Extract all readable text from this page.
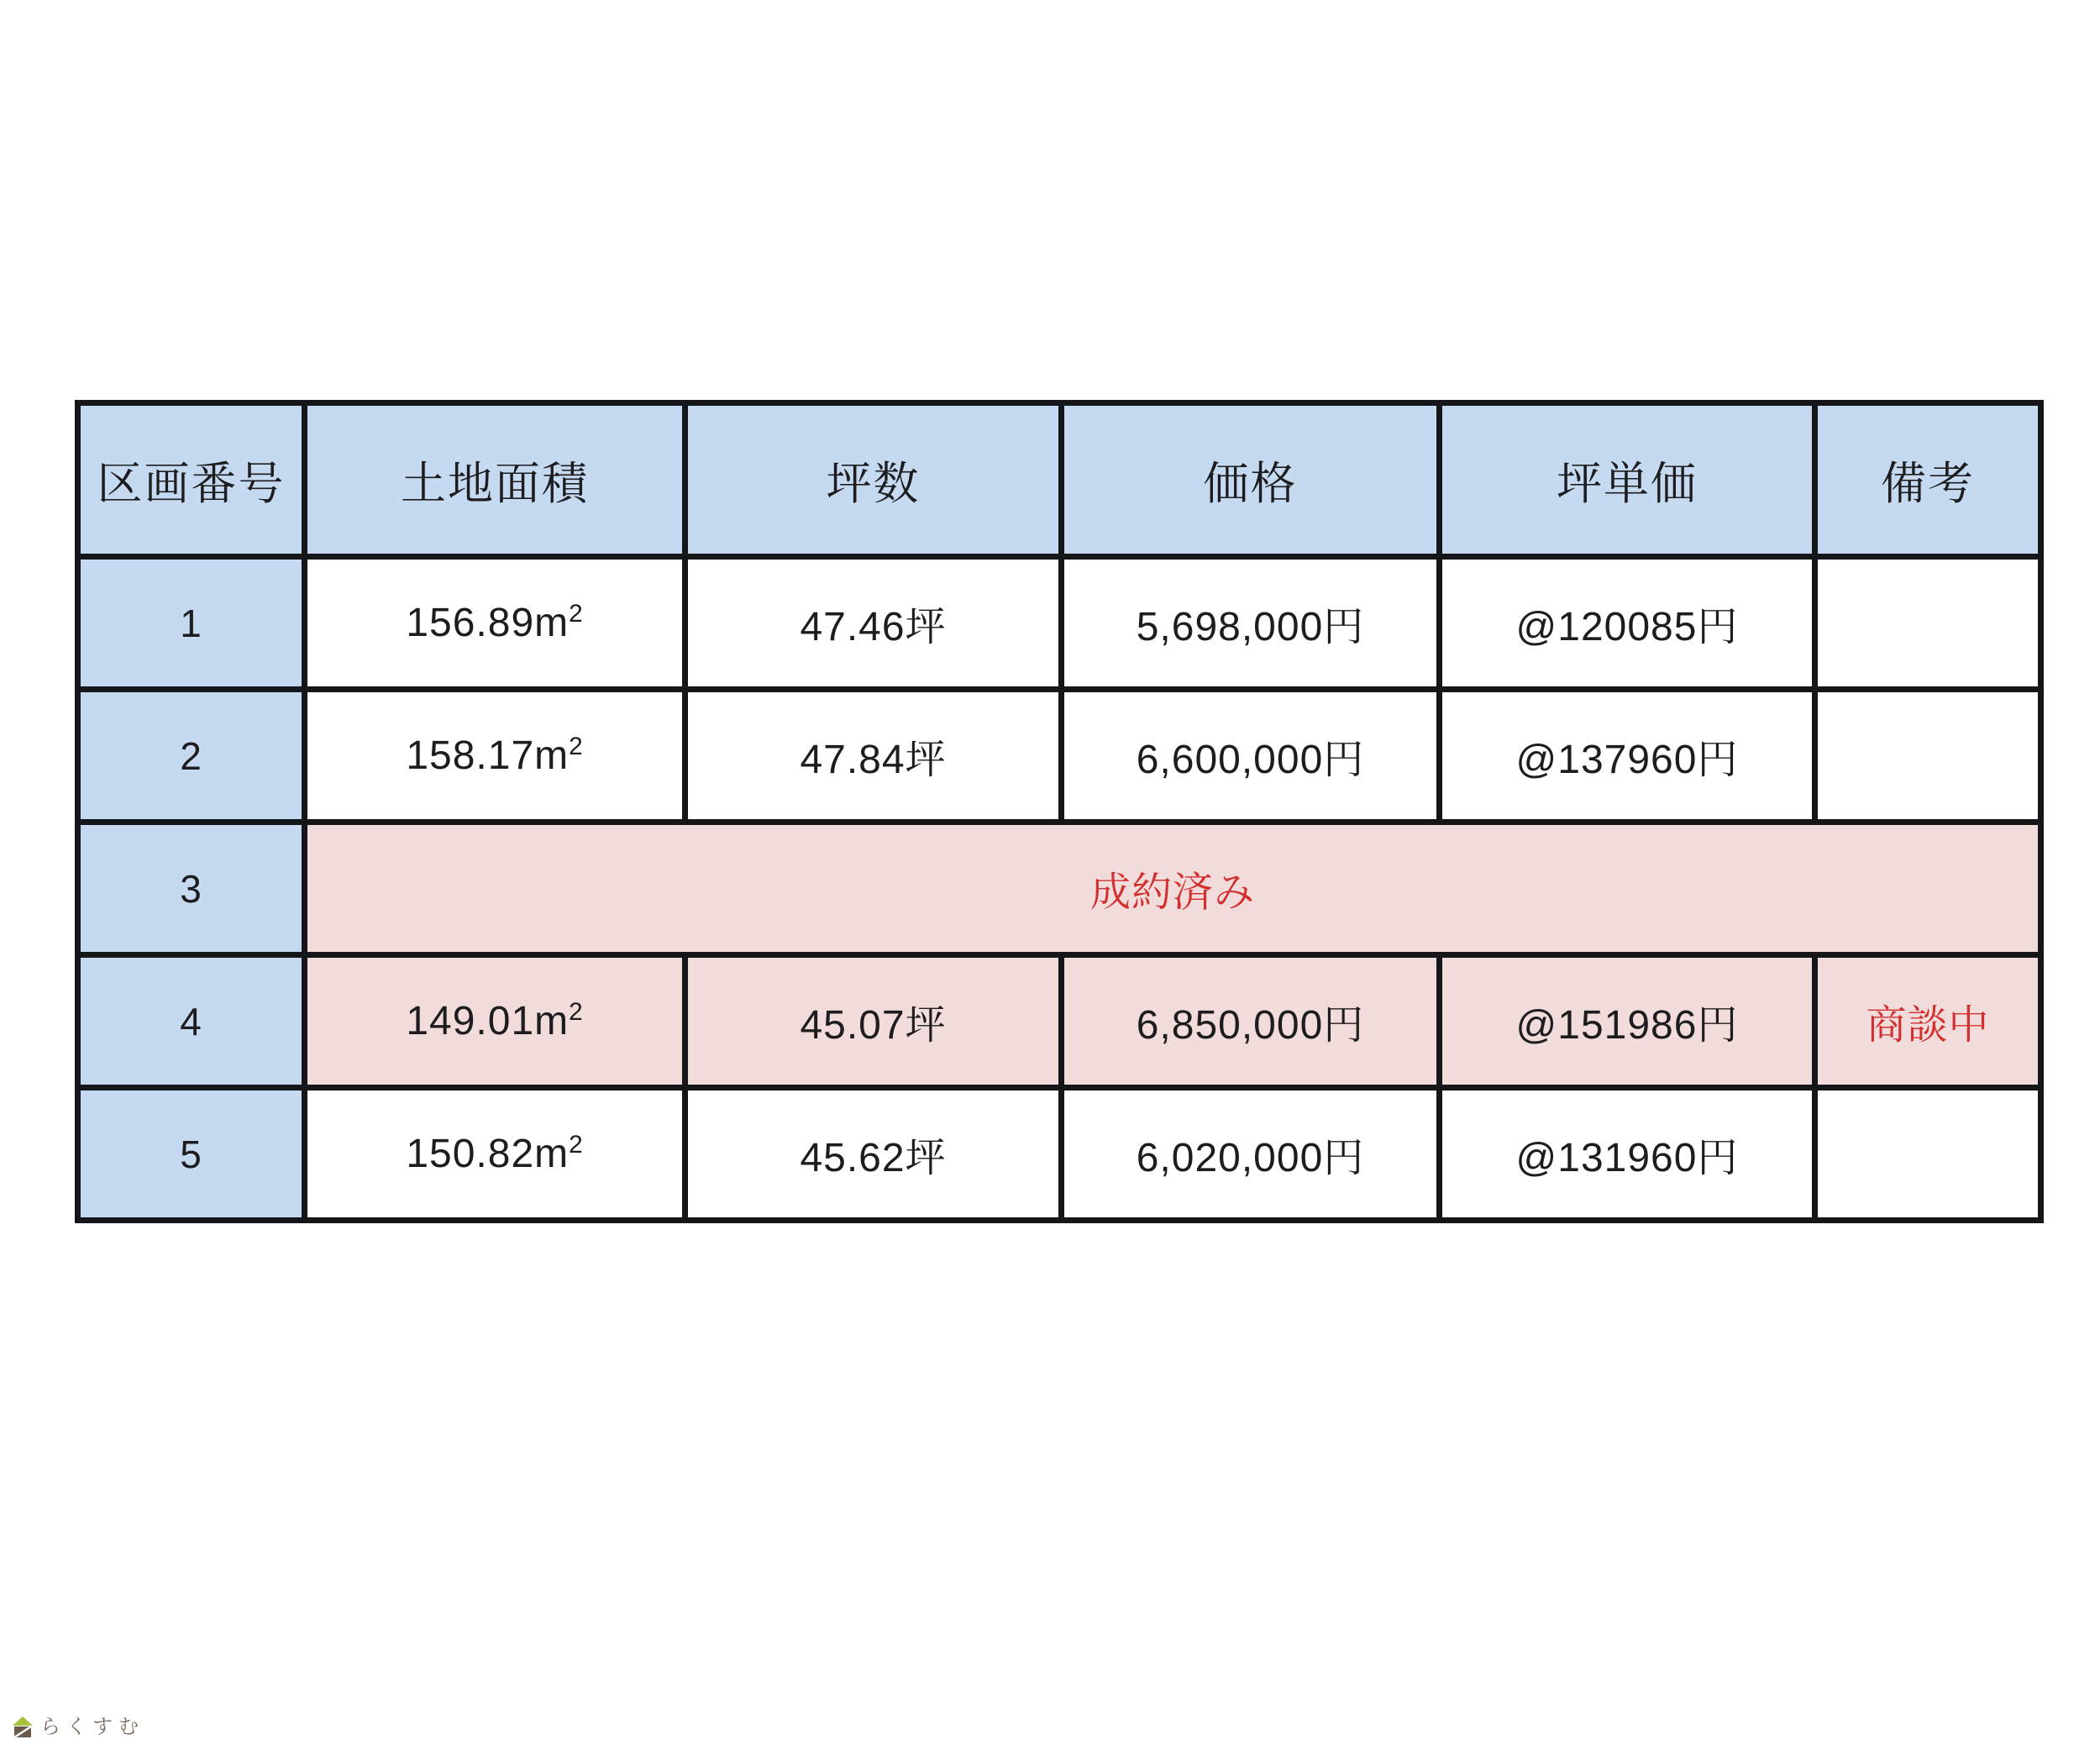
区画番号	土地面積	坪数	価格	坪単価	備考
1	$156.89m^2$	47.46坪	5,698,000円	@120085円	
2	$158.17m^2$	47.84坪	6,600,000円	@137960円	
3	成約済み				
4	$149.01m^2$	45.07坪	6,850,000円	@151986円	商談中
5	$150.82m^2$	45.62坪	6,020,000円	@131960円	
らくすむ
